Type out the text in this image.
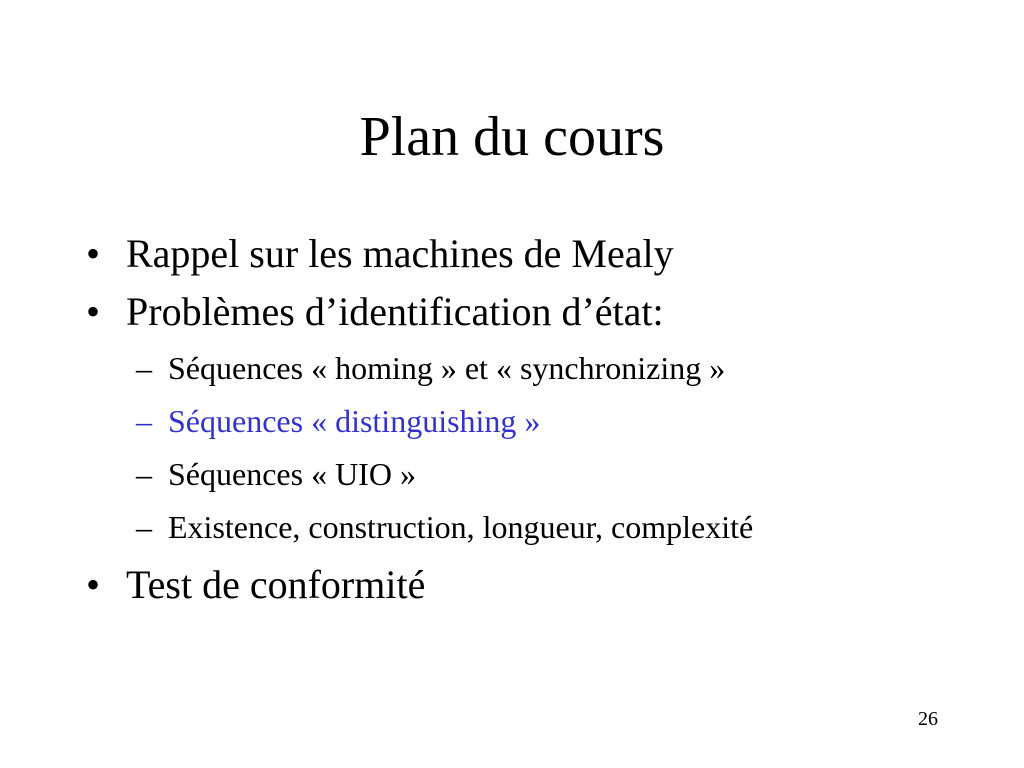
Plan du cours
• Rappel sur les machines de Mealy
• Problèmes d’identification d’état:
– Séquences « homing » et « synchronizing »
– Séquences « distinguishing »
– Séquences « UIO »
– Existence, construction, longueur, complexité
• Test de conformité
26
